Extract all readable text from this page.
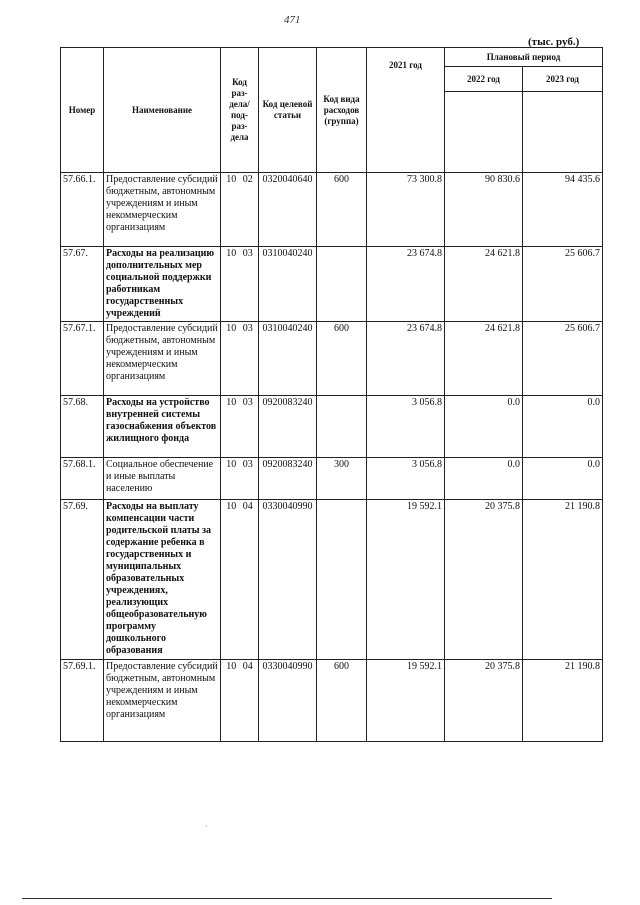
471
(тыс. руб.)
Номер	Наименование	Код раз-дела/ под-раз-дела	Код целевой статьи	Код вида расходов (группа)	2021 год	Плановый период	
						2022 год	2023 год

57.66.1.	Предоставление субсидий бюджетным, автономным учреждениям и иным некоммерческим организациям	10 02	0320040640	600	73 300.8	90 830.6	94 435.6
57.67.	Расходы на реализацию дополнительных мер социальной поддержки работникам государственных учреждений	10 03	0310040240		23 674.8	24 621.8	25 606.7
57.67.1.	Предоставление субсидий бюджетным, автономным учреждениям и иным некоммерческим организациям	10 03	0310040240	600	23 674.8	24 621.8	25 606.7
57.68.	Расходы на устройство внутренней системы газоснабжения объектов жилищного фонда	10 03	0920083240		3 056.8	0.0	0.0
57.68.1.	Социальное обеспечение и иные выплаты населению	10 03	0920083240	300	3 056.8	0.0	0.0
57.69.	Расходы на выплату компенсации части родительской платы за содержание ребенка в государственных и муниципальных образовательных учреждениях, реализующих общеобразовательную программу дошкольного образования	10 04	0330040990		19 592.1	20 375.8	21 190.8
57.69.1.	Предоставление субсидий бюджетным, автономным учреждениям и иным некоммерческим организациям	10 04	0330040990	600	19 592.1	20 375.8	21 190.8
·
